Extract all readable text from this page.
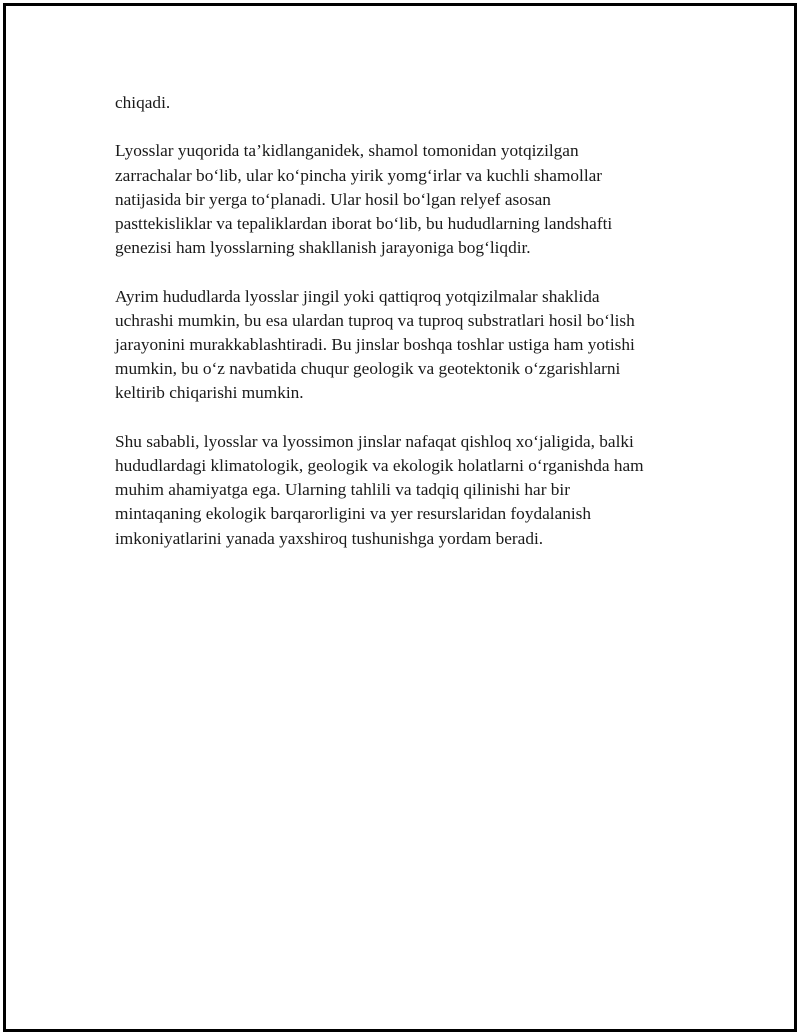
chiqadi.

Lyosslar yuqorida ta’kidlanganidek, shamol tomonidan yotqizilgan
zarrachalar bo‘lib, ular ko‘pincha yirik yomg‘irlar va kuchli shamollar
natijasida bir yerga to‘planadi. Ular hosil bo‘lgan relyef asosan
pasttekisliklar va tepaliklardan iborat bo‘lib, bu hududlarning landshafti
genezisi ham lyosslarning shakllanish jarayoniga bog‘liqdir.

Ayrim hududlarda lyosslar jingil yoki qattiqroq yotqizilmalar shaklida
uchrashi mumkin, bu esa ulardan tuproq va tuproq substratlari hosil bo‘lish
jarayonini murakkablashtiradi. Bu jinslar boshqa toshlar ustiga ham yotishi
mumkin, bu o‘z navbatida chuqur geologik va geotektonik o‘zgarishlarni
keltirib chiqarishi mumkin.

Shu sababli, lyosslar va lyossimon jinslar nafaqat qishloq xo‘jaligida, balki
hududlardagi klimatologik, geologik va ekologik holatlarni o‘rganishda ham
muhim ahamiyatga ega. Ularning tahlili va tadqiq qilinishi har bir
mintaqaning ekologik barqarorligini va yer resurslaridan foydalanish
imkoniyatlarini yanada yaxshiroq tushunishga yordam beradi.
